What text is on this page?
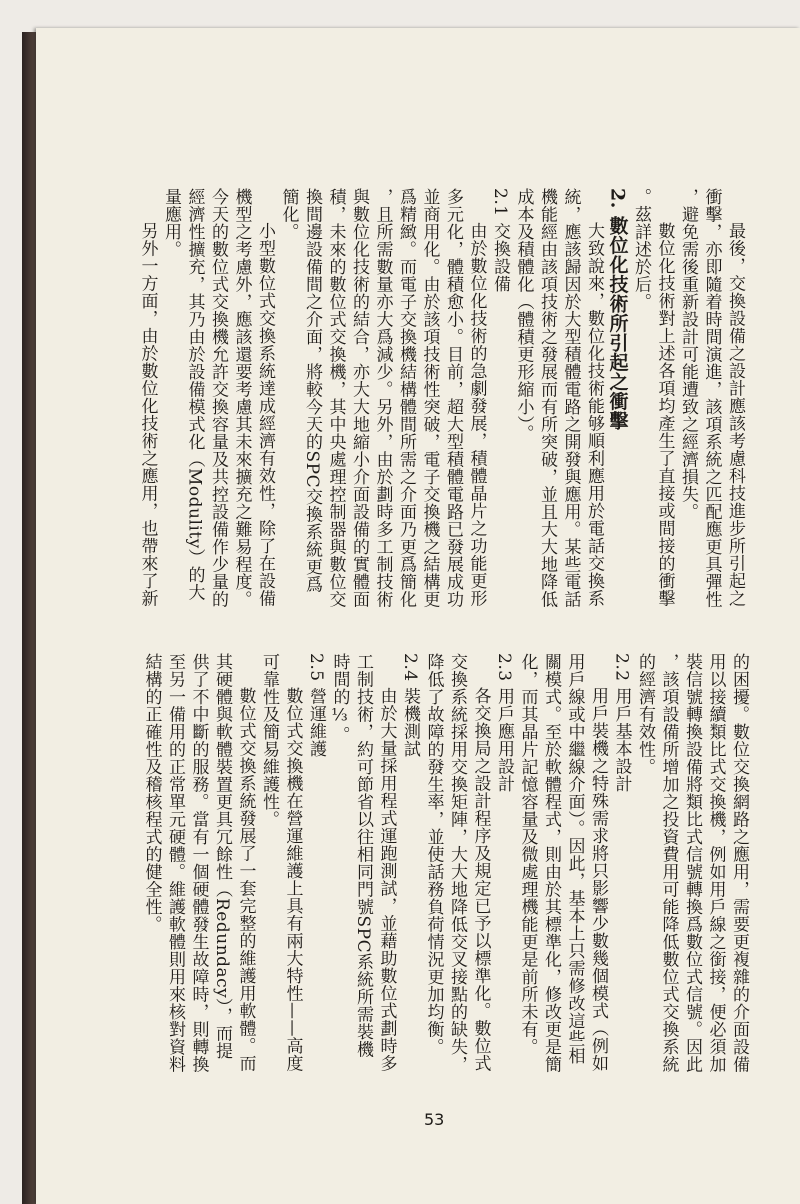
最後，交換設備之設計應該考慮科技進步所引起之
衝擊，亦即隨着時間演進，該項系統之匹配應更具彈性
，避免需後重新設計可能遭致之經濟損失。
數位化技術對上述各項均產生了直接或間接的衝擊
。茲詳述於后。
2. 數位化技術所引起之衝擊
大致說來，數位化技術能够順利應用於電話交換系
統，應該歸因於大型積體電路之開發與應用。某些電話
機能經由該項技術之發展而有所突破，並且大大地降低
成本及積體化（體積更形縮小）。
2.1 交換設備
由於數位化技術的急劇發展，積體晶片之功能更形
多元化，體積愈小。目前，超大型積體電路已發展成功
並商用化。由於該項技術性突破，電子交換機之結構更
爲精緻。而電子交換機結構體間所需之介面乃更爲簡化
，且所需數量亦大爲減少。另外，由於劃時多工制技術
與數位化技術的結合，亦大大地縮小介面設備的實體面
積，未來的數位式交換機，其中央處理控制器與數位交
換間邊設備間之介面，將較今天的SPC交換系統更爲
簡化。
小型數位式交換系統達成經濟有效性，除了在設備
機型之考慮外，應該還要考慮其未來擴充之難易程度。
今天的數位式交換機允許交換容量及共控設備作少量的
經濟性擴充，其乃由於設備模式化（Modulity）的大
量應用。
另外一方面，由於數位化技術之應用，也帶來了新
的困擾。數位交換網路之應用，需要更複雜的介面設備
用以接續類比式交換機，例如用戶線之銜接，便必須加
裝信號轉換設備將類比式信號轉換爲數位式信號。因此
，該項設備所增加之投資費用可能降低數位式交換系統
的經濟有效性。
2.2 用戶基本設計
用戶裝機之特殊需求將只影響少數幾個模式（例如
用戶線或中繼線介面）。因此，基本上只需修改這些相
關模式。至於軟體程式，則由於其標準化，修改更是簡
化，而其晶片記憶容量及微處理機能更是前所未有。
2.3 用戶應用設計
各交換局之設計程序及規定已予以標準化。數位式
交換系統採用交換矩陣，大大地降低交叉接點的缺失，
降低了故障的發生率，並使話務負荷情況更加均衡。
2.4 裝機測試
由於大量採用程式運跑測試，並藉助數位式劃時多
工制技術，約可節省以往相同門號SPC系統所需裝機
時間的⅓。
2.5 營運維護
數位式交換機在營運維護上具有兩大特性——高度
可靠性及簡易維護性。
數位式交換系統發展了一套完整的維護用軟體。而
其硬體與軟體裝置更具冗餘性（Redundacy），而提
供了不中斷的服務。當有一個硬體發生故障時，則轉換
至另一備用的正常單元硬體。維護軟體則用來核對資料
結構的正確性及稽核程式的健全性。
53
